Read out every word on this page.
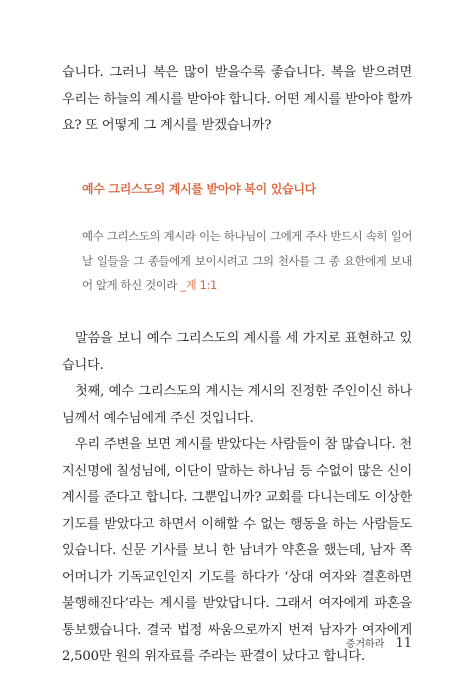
습니다. 그러니 복은 많이 받을수록 좋습니다. 복을 받으려면 우리는 하늘의 계시를 받아야 합니다. 어떤 계시를 받아야 할까요? 또 어떻게 그 계시를 받겠습니까?

예수 그리스도의 계시를 받아야 복이 있습니다

예수 그리스도의 계시라 이는 하나님이 그에게 주사 반드시 속히 일어날 일들을 그 종들에게 보이시려고 그의 천사를 그 종 요한에게 보내어 알게 하신 것이라 _계 1:1

말씀을 보니 예수 그리스도의 계시를 세 가지로 표현하고 있습니다.

첫째, 예수 그리스도의 계시는 계시의 진정한 주인이신 하나님께서 예수님에게 주신 것입니다.

우리 주변을 보면 계시를 받았다는 사람들이 참 많습니다. 천지신명에 칠성님에, 이단이 말하는 하나님 등 수없이 많은 신이 계시를 준다고 합니다. 그뿐입니까? 교회를 다니는데도 이상한 기도를 받았다고 하면서 이해할 수 없는 행동을 하는 사람들도 있습니다. 신문 기사를 보니 한 남녀가 약혼을 했는데, 남자 쪽 어머니가 기독교인인지 기도를 하다가 ‘상대 여자와 결혼하면 불행해진다’라는 계시를 받았답니다. 그래서 여자에게 파혼을 통보했습니다. 결국 법정 싸움으로까지 번져 남자가 여자에게 2,500만 원의 위자료를 주라는 판결이 났다고 합니다.

증거하라 11
